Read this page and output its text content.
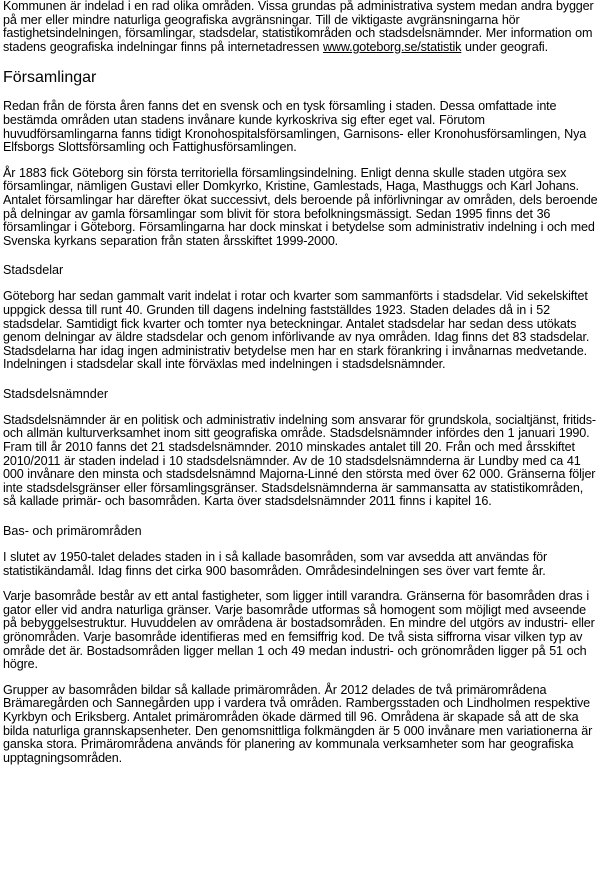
Kommunen är indelad i en rad olika områden. Vissa grundas på administrativa system medan andra bygger på mer eller mindre naturliga geografiska avgränsningar. Till de viktigaste avgränsningarna hör fastighetsindelningen, församlingar, stadsdelar, statistikområden och stadsdelsnämnder. Mer information om stadens geografiska indelningar finns på internetadressen www.goteborg.se/statistik under geografi.

Församlingar

Redan från de första åren fanns det en svensk och en tysk församling i staden. Dessa omfattade inte bestämda områden utan stadens invånare kunde kyrkoskriva sig efter eget val. Förutom huvudförsamlingarna fanns tidigt Kronohospitalsförsamlingen, Garnisons- eller Kronohusförsamlingen, Nya Elfsborgs Slottsförsamling och Fattighusförsamlingen.

År 1883 fick Göteborg sin första territoriella församlingsindelning. Enligt denna skulle staden utgöra sex församlingar, nämligen Gustavi eller Domkyrko, Kristine, Gamlestads, Haga, Masthuggs och Karl Johans. Antalet församlingar har därefter ökat successivt, dels beroende på införlivningar av områden, dels beroende på delningar av gamla församlingar som blivit för stora befolkningsmässigt. Sedan 1995 finns det 36 församlingar i Göteborg. Församlingarna har dock minskat i betydelse som administrativ indelning i och med Svenska kyrkans separation från staten årsskiftet 1999-2000.

Stadsdelar

Göteborg har sedan gammalt varit indelat i rotar och kvarter som sammanförts i stadsdelar. Vid sekelskiftet uppgick dessa till runt 40. Grunden till dagens indelning fastställdes 1923. Staden delades då in i 52 stadsdelar. Samtidigt fick kvarter och tomter nya beteckningar. Antalet stadsdelar har sedan dess utökats genom delningar av äldre stadsdelar och genom införlivande av nya områden. Idag finns det 83 stadsdelar. Stadsdelarna har idag ingen administrativ betydelse men har en stark förankring i invånarnas medvetande. Indelningen i stadsdelar skall inte förväxlas med indelningen i stadsdelsnämnder.

Stadsdelsnämnder

Stadsdelsnämnder är en politisk och administrativ indelning som ansvarar för grundskola, socialtjänst, fritids- och allmän kulturverksamhet inom sitt geografiska område. Stadsdelsnämnder infördes den 1 januari 1990. Fram till år 2010 fanns det 21 stadsdelsnämnder. 2010 minskades antalet till 20. Från och med årsskiftet 2010/2011 är staden indelad i 10 stadsdelsnämnder. Av de 10 stadsdelsnämnderna är Lundby med ca 41 000 invånare den minsta och stadsdelsnämnd Majorna-Linné den största med över 62 000. Gränserna följer inte stadsdelsgränser eller församlingsgränser. Stadsdelsnämnderna är sammansatta av statistikområden, så kallade primär- och basområden. Karta över stadsdelsnämnder 2011 finns i kapitel 16.

Bas- och primärområden

I slutet av 1950-talet delades staden in i så kallade basområden, som var avsedda att användas för statistikändamål. Idag finns det cirka 900 basområden. Områdesindelningen ses över vart femte år.

Varje basområde består av ett antal fastigheter, som ligger intill varandra. Gränserna för basområden dras i gator eller vid andra naturliga gränser. Varje basområde utformas så homogent som möjligt med avseende på bebyggelsestruktur. Huvuddelen av områdena är bostadsområden. En mindre del utgörs av industri- eller grönområden. Varje basområde identifieras med en femsiffrig kod. De två sista siffrorna visar vilken typ av område det är. Bostadsområden ligger mellan 1 och 49 medan industri- och grönområden ligger på 51 och högre.

Grupper av basområden bildar så kallade primärområden. År 2012 delades de två primärområdena Brämaregården och Sannegården upp i vardera två områden. Rambergsstaden och Lindholmen respektive Kyrkbyn och Eriksberg. Antalet primärområden ökade därmed till 96. Områdena är skapade så att de ska bilda naturliga grannskapsenheter. Den genomsnittliga folkmängden är 5 000 invånare men variationerna är ganska stora. Primärområdena används för planering av kommunala verksamheter som har geografiska upptagningsområden.
